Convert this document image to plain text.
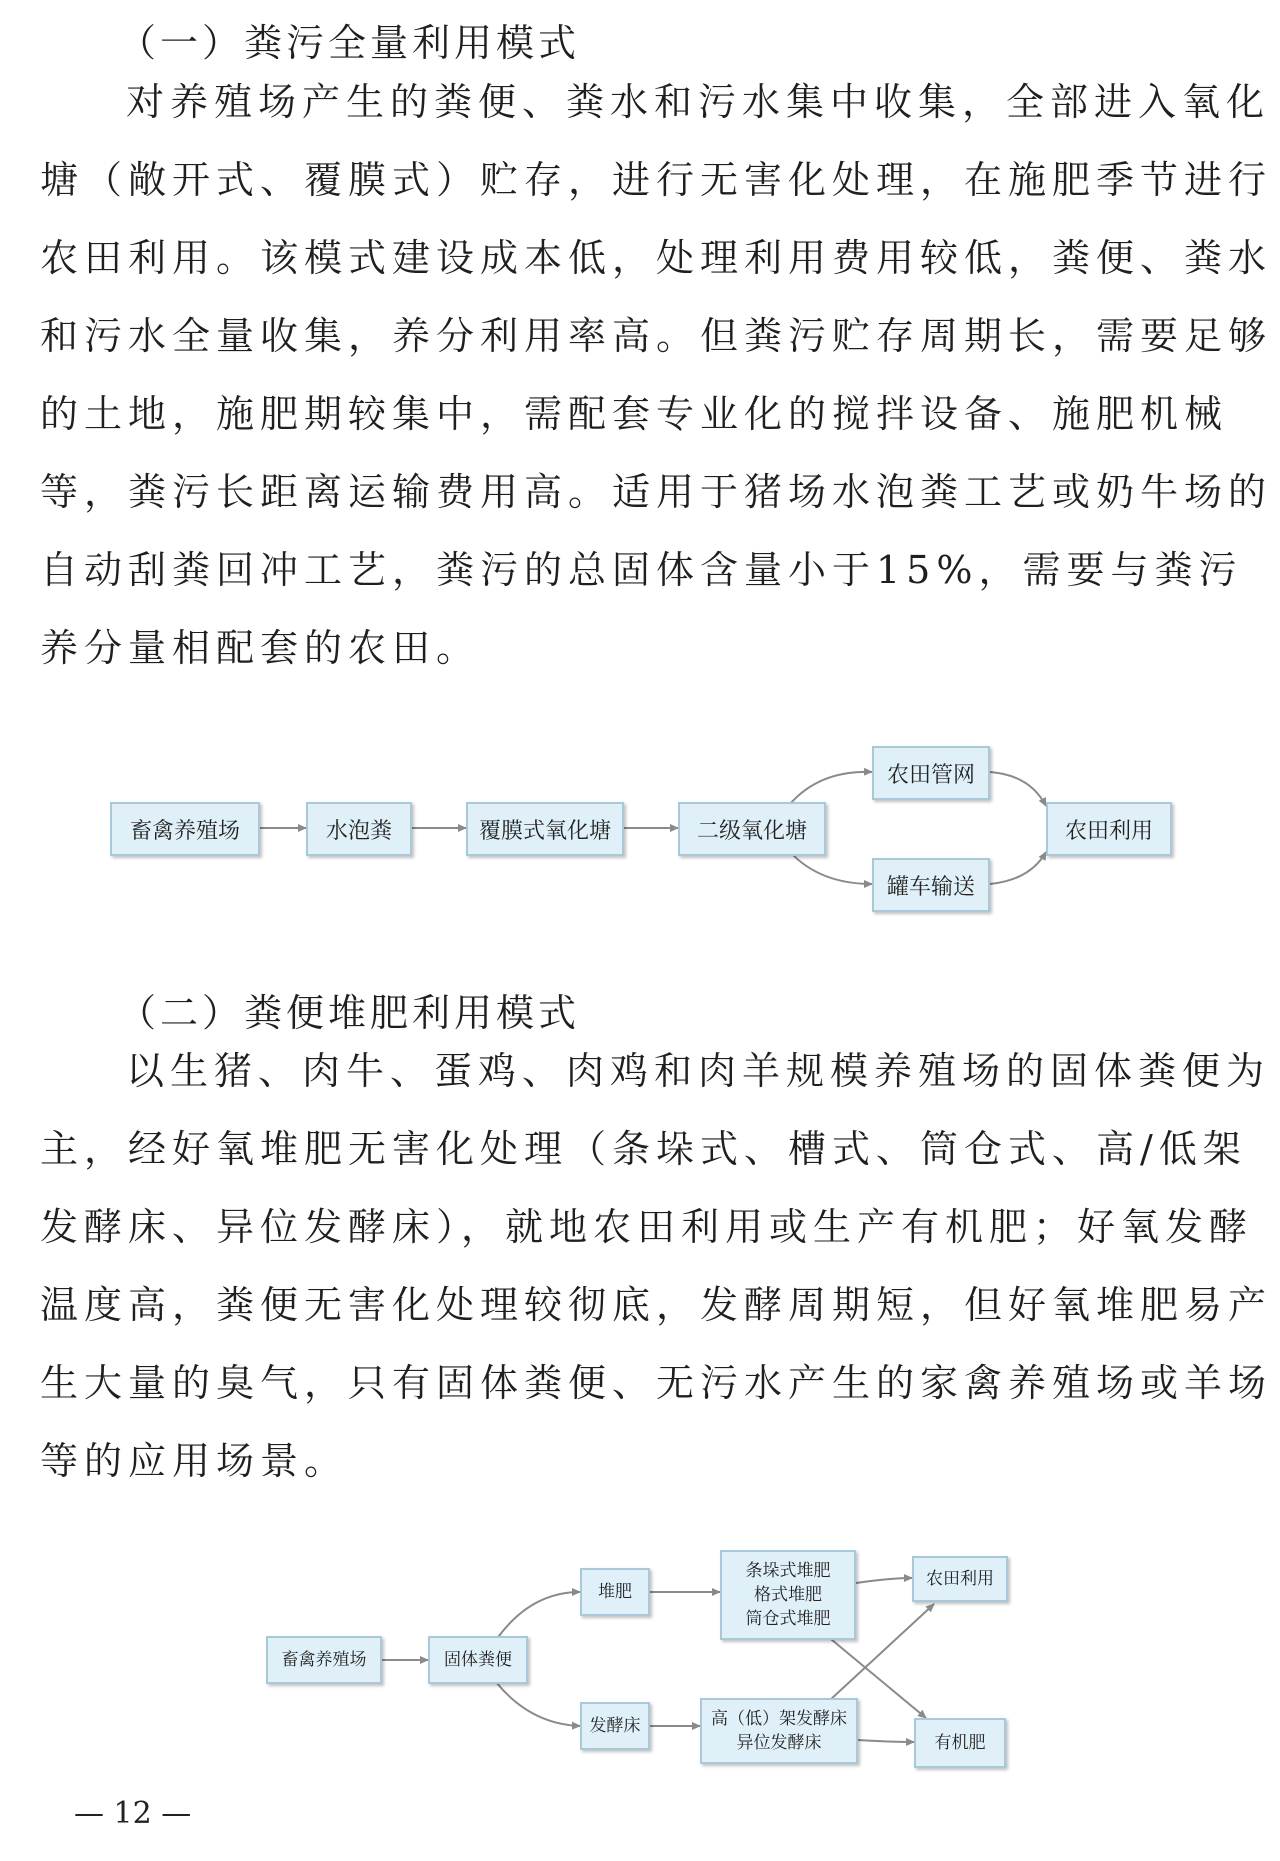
（一）粪污全量利用模式
对养殖场产生的粪便、粪水和污水集中收集，全部进入氧化
塘（敞开式、覆膜式）贮存，进行无害化处理，在施肥季节进行
农田利用。该模式建设成本低，处理利用费用较低，粪便、粪水
和污水全量收集，养分利用率高。但粪污贮存周期长，需要足够
的土地，施肥期较集中，需配套专业化的搅拌设备、施肥机械
等，粪污长距离运输费用高。适用于猪场水泡粪工艺或奶牛场的
自动刮粪回冲工艺，粪污的总固体含量小于15%，需要与粪污
养分量相配套的农田。
畜禽养殖场	水泡粪	覆膜式氧化塘	二级氧化塘
农田管网
罐车输送
农田利用
（二）粪便堆肥利用模式
以生猪、肉牛、蛋鸡、肉鸡和肉羊规模养殖场的固体粪便为
主，经好氧堆肥无害化处理（条垛式、槽式、筒仓式、高/低架
发酵床、异位发酵床），就地农田利用或生产有机肥；好氧发酵
温度高，粪便无害化处理较彻底，发酵周期短，但好氧堆肥易产
生大量的臭气，只有固体粪便、无污水产生的家禽养殖场或羊场
等的应用场景。
畜禽养殖场	固体粪便
堆肥
发酵床
条垛式堆肥
格式堆肥
筒仓式堆肥
高（低）架发酵床
异位发酵床
农田利用
有机肥
— 12 —
